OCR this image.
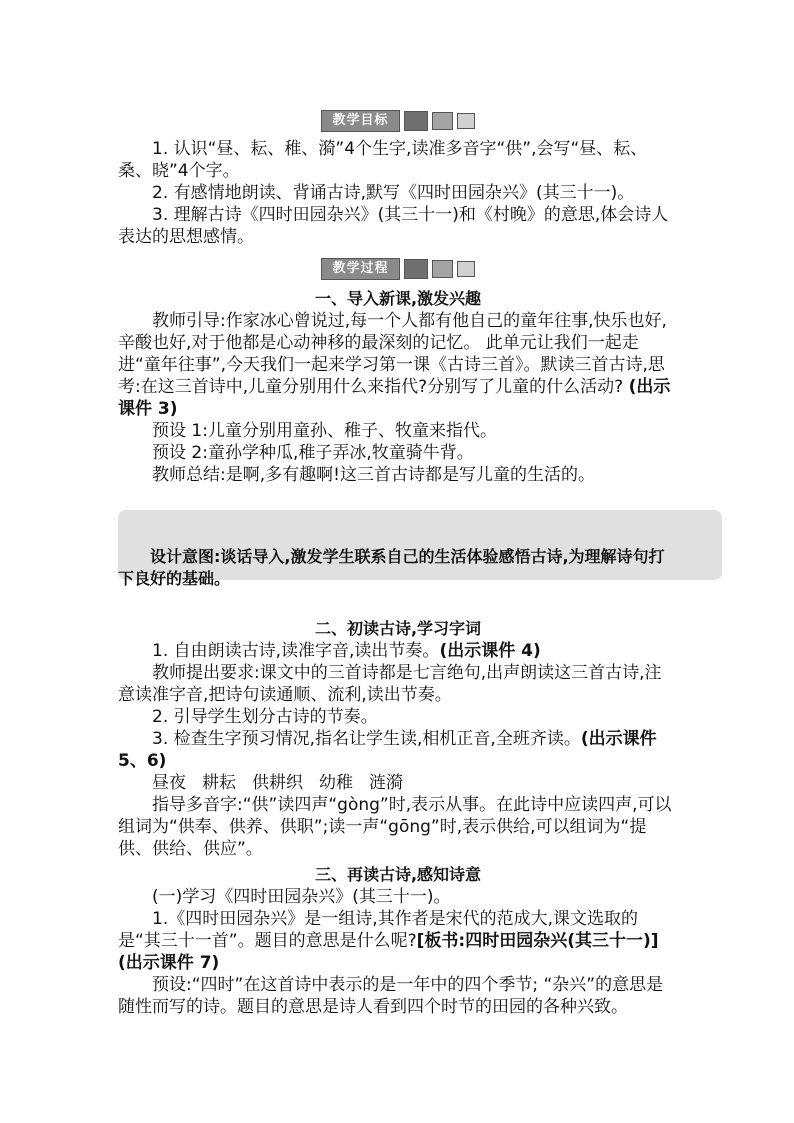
教学目标

1. 认识“昼、耘、稚、漪”4个生字,读准多音字“供”,会写“昼、耘、桑、晓”4个字。

2. 有感情地朗读、背诵古诗,默写《四时田园杂兴》(其三十一)。

3. 理解古诗《四时田园杂兴》(其三十一)和《村晚》的意思,体会诗人表达的思想感情。

教学过程

一、导入新课,激发兴趣

教师引导:作家冰心曾说过,每一个人都有他自己的童年往事,快乐也好,辛酸也好,对于他都是心动神移的最深刻的记忆。 此单元让我们一起走进“童年往事”,今天我们一起来学习第一课《古诗三首》。默读三首古诗,思考:在这三首诗中,儿童分别用什么来指代?分别写了儿童的什么活动? (出示课件 3)

预设 1:儿童分别用童孙、稚子、牧童来指代。

预设 2:童孙学种瓜,稚子弄冰,牧童骑牛背。

教师总结:是啊,多有趣啊!这三首古诗都是写儿童的生活的。

设计意图:谈话导入,激发学生联系自己的生活体验感悟古诗,为理解诗句打下良好的基础。

二、初读古诗,学习字词

1. 自由朗读古诗,读准字音,读出节奏。(出示课件 4)

教师提出要求:课文中的三首诗都是七言绝句,出声朗读这三首古诗,注意读准字音,把诗句读通顺、流利,读出节奏。

2. 引导学生划分古诗的节奏。

3. 检查生字预习情况,指名让学生读,相机正音,全班齐读。(出示课件 5、6)

昼夜 耕耘 供耕织 幼稚 涟漪

指导多音字:“供”读四声“gòng”时,表示从事。在此诗中应读四声,可以组词为“供奉、供养、供职”;读一声“gōng”时,表示供给,可以组词为“提供、供给、供应”。

三、再读古诗,感知诗意

(一)学习《四时田园杂兴》(其三十一)。

1.《四时田园杂兴》是一组诗,其作者是宋代的范成大,课文选取的是“其三十一首”。题目的意思是什么呢?[板书:四时田园杂兴(其三十一)](出示课件 7)

预设:“四时”在这首诗中表示的是一年中的四个季节; “杂兴”的意思是随性而写的诗。题目的意思是诗人看到四个时节的田园的各种兴致。
